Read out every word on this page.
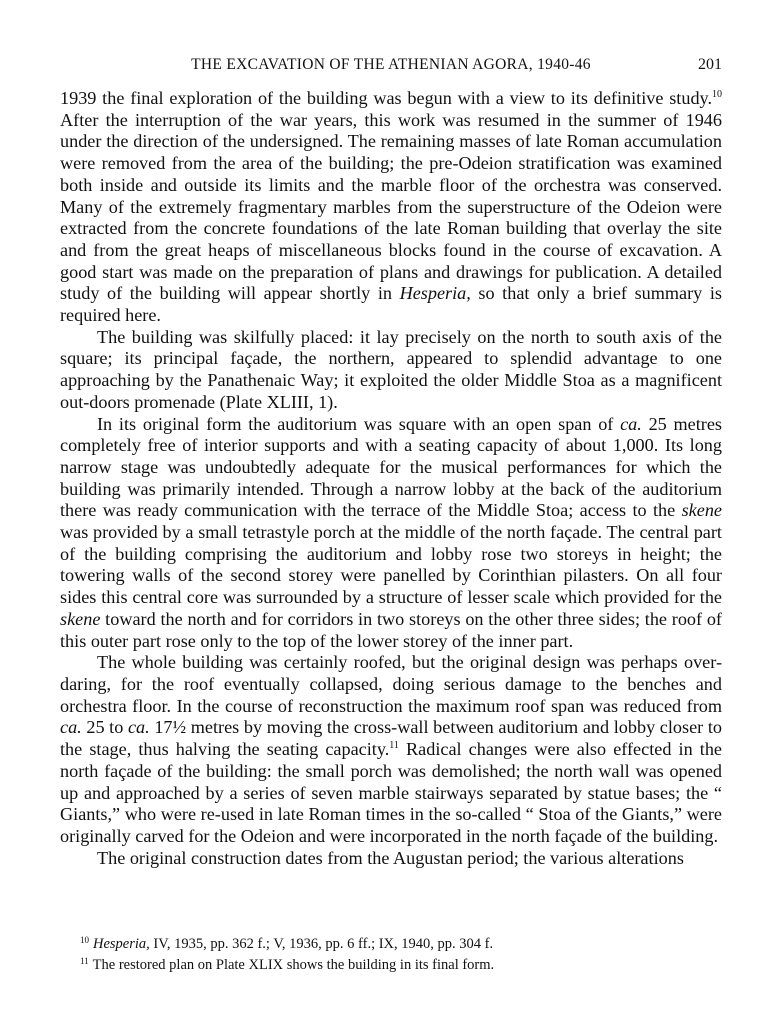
THE EXCAVATION OF THE ATHENIAN AGORA, 1940-46	201

1939 the final exploration of the building was begun with a view to its definitive study.$^{10}$ After the interruption of the war years, this work was resumed in the summer of 1946 under the direction of the undersigned. The remaining masses of late Roman accumulation were removed from the area of the building; the pre-Odeion stratification was examined both inside and outside its limits and the marble floor of the orchestra was conserved. Many of the extremely fragmentary marbles from the superstructure of the Odeion were extracted from the concrete foundations of the late Roman building that overlay the site and from the great heaps of miscellaneous blocks found in the course of excavation. A good start was made on the preparation of plans and drawings for publication. A detailed study of the building will appear shortly in Hesperia, so that only a brief summary is required here.

The building was skilfully placed: it lay precisely on the north to south axis of the square; its principal façade, the northern, appeared to splendid advantage to one approaching by the Panathenaic Way; it exploited the older Middle Stoa as a magnificent out-doors promenade (Plate XLIII, 1).

In its original form the auditorium was square with an open span of ca. 25 metres completely free of interior supports and with a seating capacity of about 1,000. Its long narrow stage was undoubtedly adequate for the musical performances for which the building was primarily intended. Through a narrow lobby at the back of the auditorium there was ready communication with the terrace of the Middle Stoa; access to the skene was provided by a small tetrastyle porch at the middle of the north façade. The central part of the building comprising the auditorium and lobby rose two storeys in height; the towering walls of the second storey were panelled by Corinthian pilasters. On all four sides this central core was surrounded by a structure of lesser scale which provided for the skene toward the north and for corridors in two storeys on the other three sides; the roof of this outer part rose only to the top of the lower storey of the inner part.

The whole building was certainly roofed, but the original design was perhaps over-daring, for the roof eventually collapsed, doing serious damage to the benches and orchestra floor. In the course of reconstruction the maximum roof span was reduced from ca. 25 to ca. 17½ metres by moving the cross-wall between auditorium and lobby closer to the stage, thus halving the seating capacity.$^{11}$ Radical changes were also effected in the north façade of the building: the small porch was demolished; the north wall was opened up and approached by a series of seven marble stairways separated by statue bases; the “ Giants,” who were re-used in late Roman times in the so-called “ Stoa of the Giants,” were originally carved for the Odeion and were incorporated in the north façade of the building.

The original construction dates from the Augustan period; the various alterations

$^{10}$ Hesperia, IV, 1935, pp. 362 f.; V, 1936, pp. 6 ff.; IX, 1940, pp. 304 f.

$^{11}$ The restored plan on Plate XLIX shows the building in its final form.
